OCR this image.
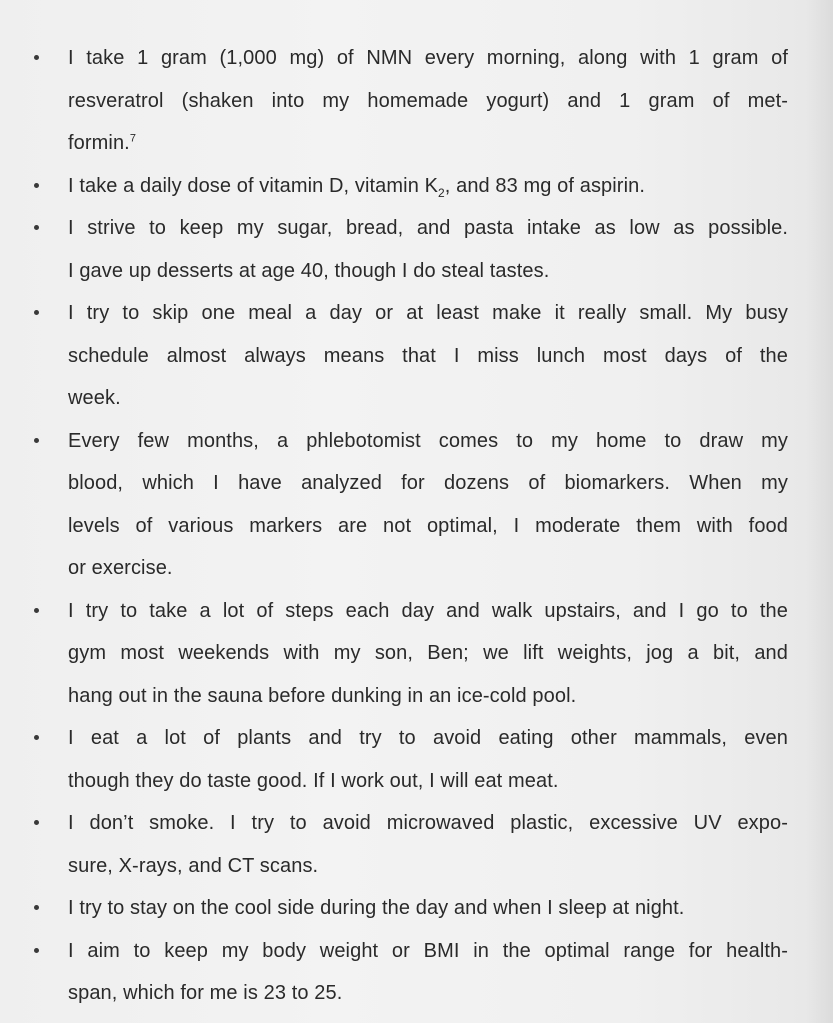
I take 1 gram (1,000 mg) of NMN every morning, along with 1 gram of
resveratrol (shaken into my homemade yogurt) and 1 gram of met-
formin.$^7$
I take a daily dose of vitamin D, vitamin $K_2$, and 83 mg of aspirin.
I strive to keep my sugar, bread, and pasta intake as low as possible.
I gave up desserts at age 40, though I do steal tastes.
I try to skip one meal a day or at least make it really small. My busy
schedule almost always means that I miss lunch most days of the
week.
Every few months, a phlebotomist comes to my home to draw my
blood, which I have analyzed for dozens of biomarkers. When my
levels of various markers are not optimal, I moderate them with food
or exercise.
I try to take a lot of steps each day and walk upstairs, and I go to the
gym most weekends with my son, Ben; we lift weights, jog a bit, and
hang out in the sauna before dunking in an ice-cold pool.
I eat a lot of plants and try to avoid eating other mammals, even
though they do taste good. If I work out, I will eat meat.
I don’t smoke. I try to avoid microwaved plastic, excessive UV expo-
sure, X-rays, and CT scans.
I try to stay on the cool side during the day and when I sleep at night.
I aim to keep my body weight or BMI in the optimal range for health-
span, which for me is 23 to 25.
